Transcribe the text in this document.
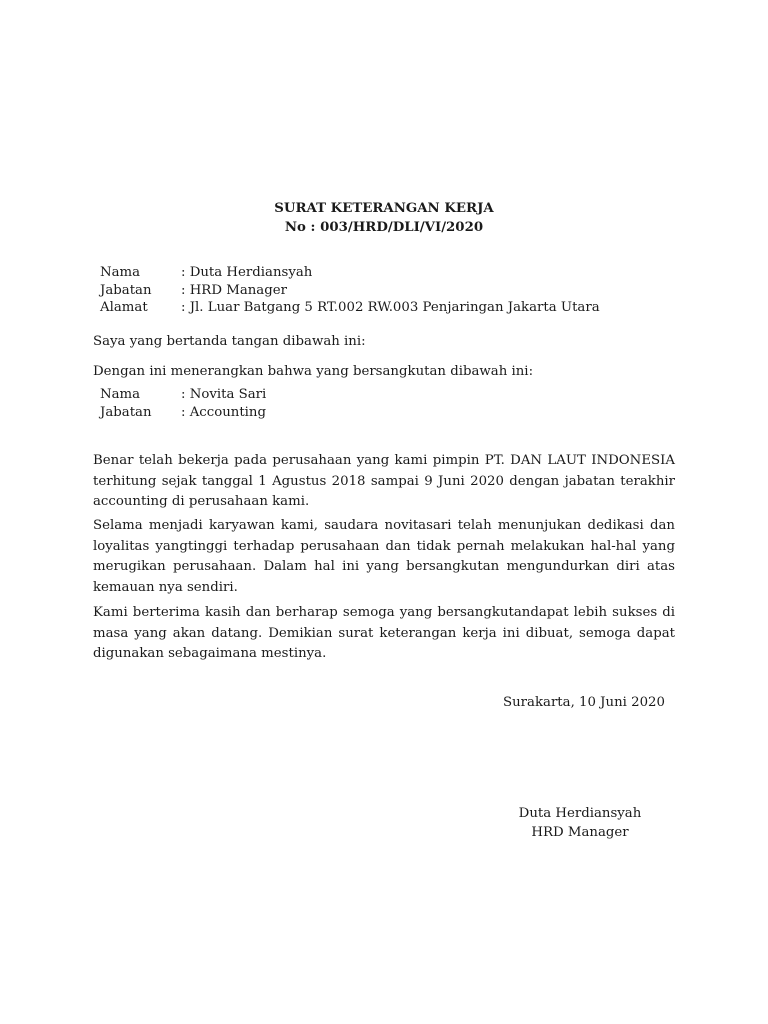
SURAT KETERANGAN KERJA
No : 003/HRD/DLI/VI/2020
Nama	: Duta Herdiansyah
Jabatan	: HRD Manager
Alamat	: Jl. Luar Batgang 5 RT.002 RW.003 Penjaringan Jakarta Utara
Saya yang bertanda tangan dibawah ini:
Dengan ini menerangkan bahwa yang bersangkutan dibawah ini:
Nama	: Novita Sari
Jabatan	: Accounting
Benar telah bekerja pada perusahaan yang kami pimpin PT. DAN LAUT INDONESIA terhitung sejak tanggal 1 Agustus 2018 sampai 9 Juni 2020 dengan jabatan terakhir accounting di perusahaan kami.
Selama menjadi karyawan kami, saudara novitasari telah menunjukan dedikasi dan loyalitas yangtinggi terhadap perusahaan dan tidak pernah melakukan hal-hal yang merugikan perusahaan. Dalam hal ini yang bersangkutan mengundurkan diri atas kemauan nya sendiri.
Kami berterima kasih dan berharap semoga yang bersangkutandapat lebih sukses di masa yang akan datang. Demikian surat keterangan kerja ini dibuat, semoga dapat digunakan sebagaimana mestinya.
Surakarta, 10 Juni 2020
Duta Herdiansyah
HRD Manager
